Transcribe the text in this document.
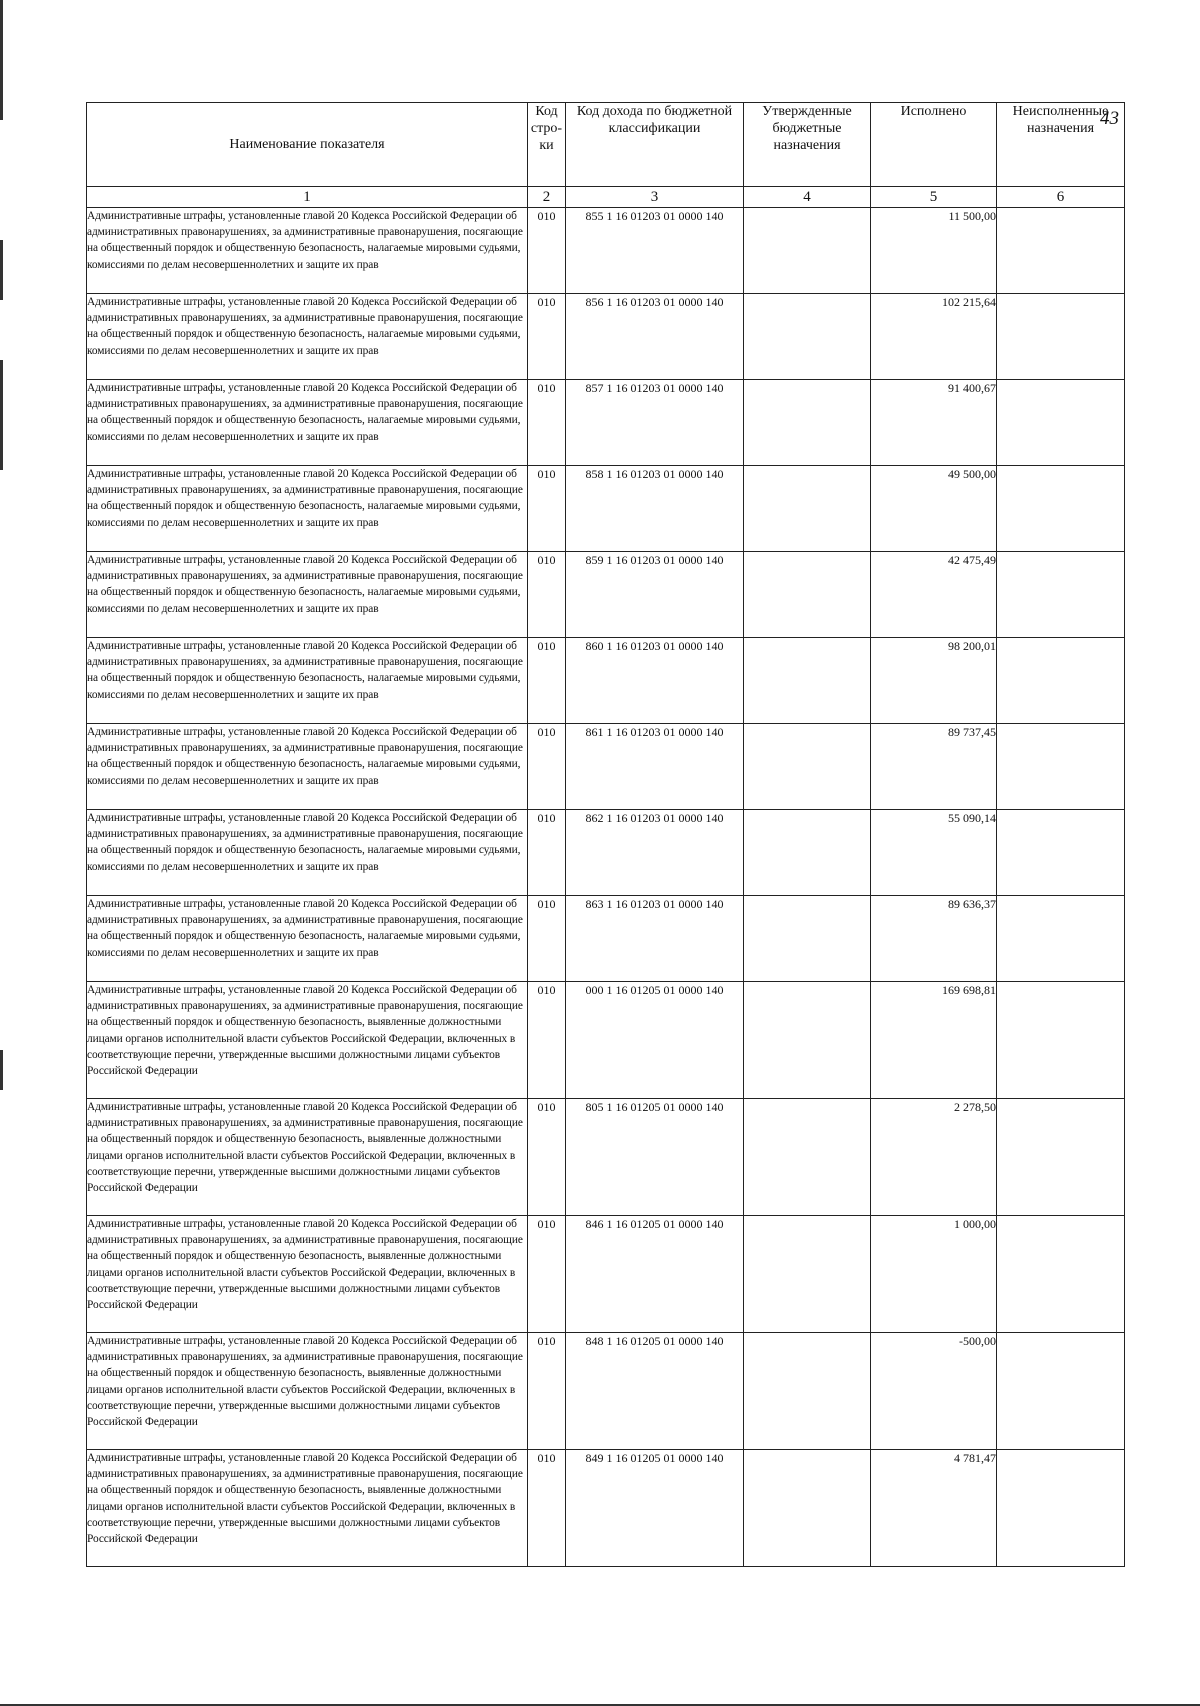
43
Наименование показателя	Код стро-ки	Код дохода по бюджетной классификации	Утвержденные бюджетные назначения	Исполнено	Неисполненные назначения
1	2	3	4	5	6
Административные штрафы, установленные главой 20 Кодекса Российской Федерации об административных правонарушениях, за административные правонарушения, посягающие на общественный порядок и общественную безопасность, налагаемые мировыми судьями, комиссиями по делам несовершеннолетних и защите их прав	010	855 1 16 01203 01 0000 140		11 500,00	
Административные штрафы, установленные главой 20 Кодекса Российской Федерации об административных правонарушениях, за административные правонарушения, посягающие на общественный порядок и общественную безопасность, налагаемые мировыми судьями, комиссиями по делам несовершеннолетних и защите их прав	010	856 1 16 01203 01 0000 140		102 215,64	
Административные штрафы, установленные главой 20 Кодекса Российской Федерации об административных правонарушениях, за административные правонарушения, посягающие на общественный порядок и общественную безопасность, налагаемые мировыми судьями, комиссиями по делам несовершеннолетних и защите их прав	010	857 1 16 01203 01 0000 140		91 400,67	
Административные штрафы, установленные главой 20 Кодекса Российской Федерации об административных правонарушениях, за административные правонарушения, посягающие на общественный порядок и общественную безопасность, налагаемые мировыми судьями, комиссиями по делам несовершеннолетних и защите их прав	010	858 1 16 01203 01 0000 140		49 500,00	
Административные штрафы, установленные главой 20 Кодекса Российской Федерации об административных правонарушениях, за административные правонарушения, посягающие на общественный порядок и общественную безопасность, налагаемые мировыми судьями, комиссиями по делам несовершеннолетних и защите их прав	010	859 1 16 01203 01 0000 140		42 475,49	
Административные штрафы, установленные главой 20 Кодекса Российской Федерации об административных правонарушениях, за административные правонарушения, посягающие на общественный порядок и общественную безопасность, налагаемые мировыми судьями, комиссиями по делам несовершеннолетних и защите их прав	010	860 1 16 01203 01 0000 140		98 200,01	
Административные штрафы, установленные главой 20 Кодекса Российской Федерации об административных правонарушениях, за административные правонарушения, посягающие на общественный порядок и общественную безопасность, налагаемые мировыми судьями, комиссиями по делам несовершеннолетних и защите их прав	010	861 1 16 01203 01 0000 140		89 737,45	
Административные штрафы, установленные главой 20 Кодекса Российской Федерации об административных правонарушениях, за административные правонарушения, посягающие на общественный порядок и общественную безопасность, налагаемые мировыми судьями, комиссиями по делам несовершеннолетних и защите их прав	010	862 1 16 01203 01 0000 140		55 090,14	
Административные штрафы, установленные главой 20 Кодекса Российской Федерации об административных правонарушениях, за административные правонарушения, посягающие на общественный порядок и общественную безопасность, налагаемые мировыми судьями, комиссиями по делам несовершеннолетних и защите их прав	010	863 1 16 01203 01 0000 140		89 636,37	
Административные штрафы, установленные главой 20 Кодекса Российской Федерации об административных правонарушениях, за административные правонарушения, посягающие на общественный порядок и общественную безопасность, выявленные должностными лицами органов исполнительной власти субъектов Российской Федерации, включенных в соответствующие перечни, утвержденные высшими должностными лицами субъектов Российской Федерации	010	000 1 16 01205 01 0000 140		169 698,81	
Административные штрафы, установленные главой 20 Кодекса Российской Федерации об административных правонарушениях, за административные правонарушения, посягающие на общественный порядок и общественную безопасность, выявленные должностными лицами органов исполнительной власти субъектов Российской Федерации, включенных в соответствующие перечни, утвержденные высшими должностными лицами субъектов Российской Федерации	010	805 1 16 01205 01 0000 140		2 278,50	
Административные штрафы, установленные главой 20 Кодекса Российской Федерации об административных правонарушениях, за административные правонарушения, посягающие на общественный порядок и общественную безопасность, выявленные должностными лицами органов исполнительной власти субъектов Российской Федерации, включенных в соответствующие перечни, утвержденные высшими должностными лицами субъектов Российской Федерации	010	846 1 16 01205 01 0000 140		1 000,00	
Административные штрафы, установленные главой 20 Кодекса Российской Федерации об административных правонарушениях, за административные правонарушения, посягающие на общественный порядок и общественную безопасность, выявленные должностными лицами органов исполнительной власти субъектов Российской Федерации, включенных в соответствующие перечни, утвержденные высшими должностными лицами субъектов Российской Федерации	010	848 1 16 01205 01 0000 140		-500,00	
Административные штрафы, установленные главой 20 Кодекса Российской Федерации об административных правонарушениях, за административные правонарушения, посягающие на общественный порядок и общественную безопасность, выявленные должностными лицами органов исполнительной власти субъектов Российской Федерации, включенных в соответствующие перечни, утвержденные высшими должностными лицами субъектов Российской Федерации	010	849 1 16 01205 01 0000 140		4 781,47	
